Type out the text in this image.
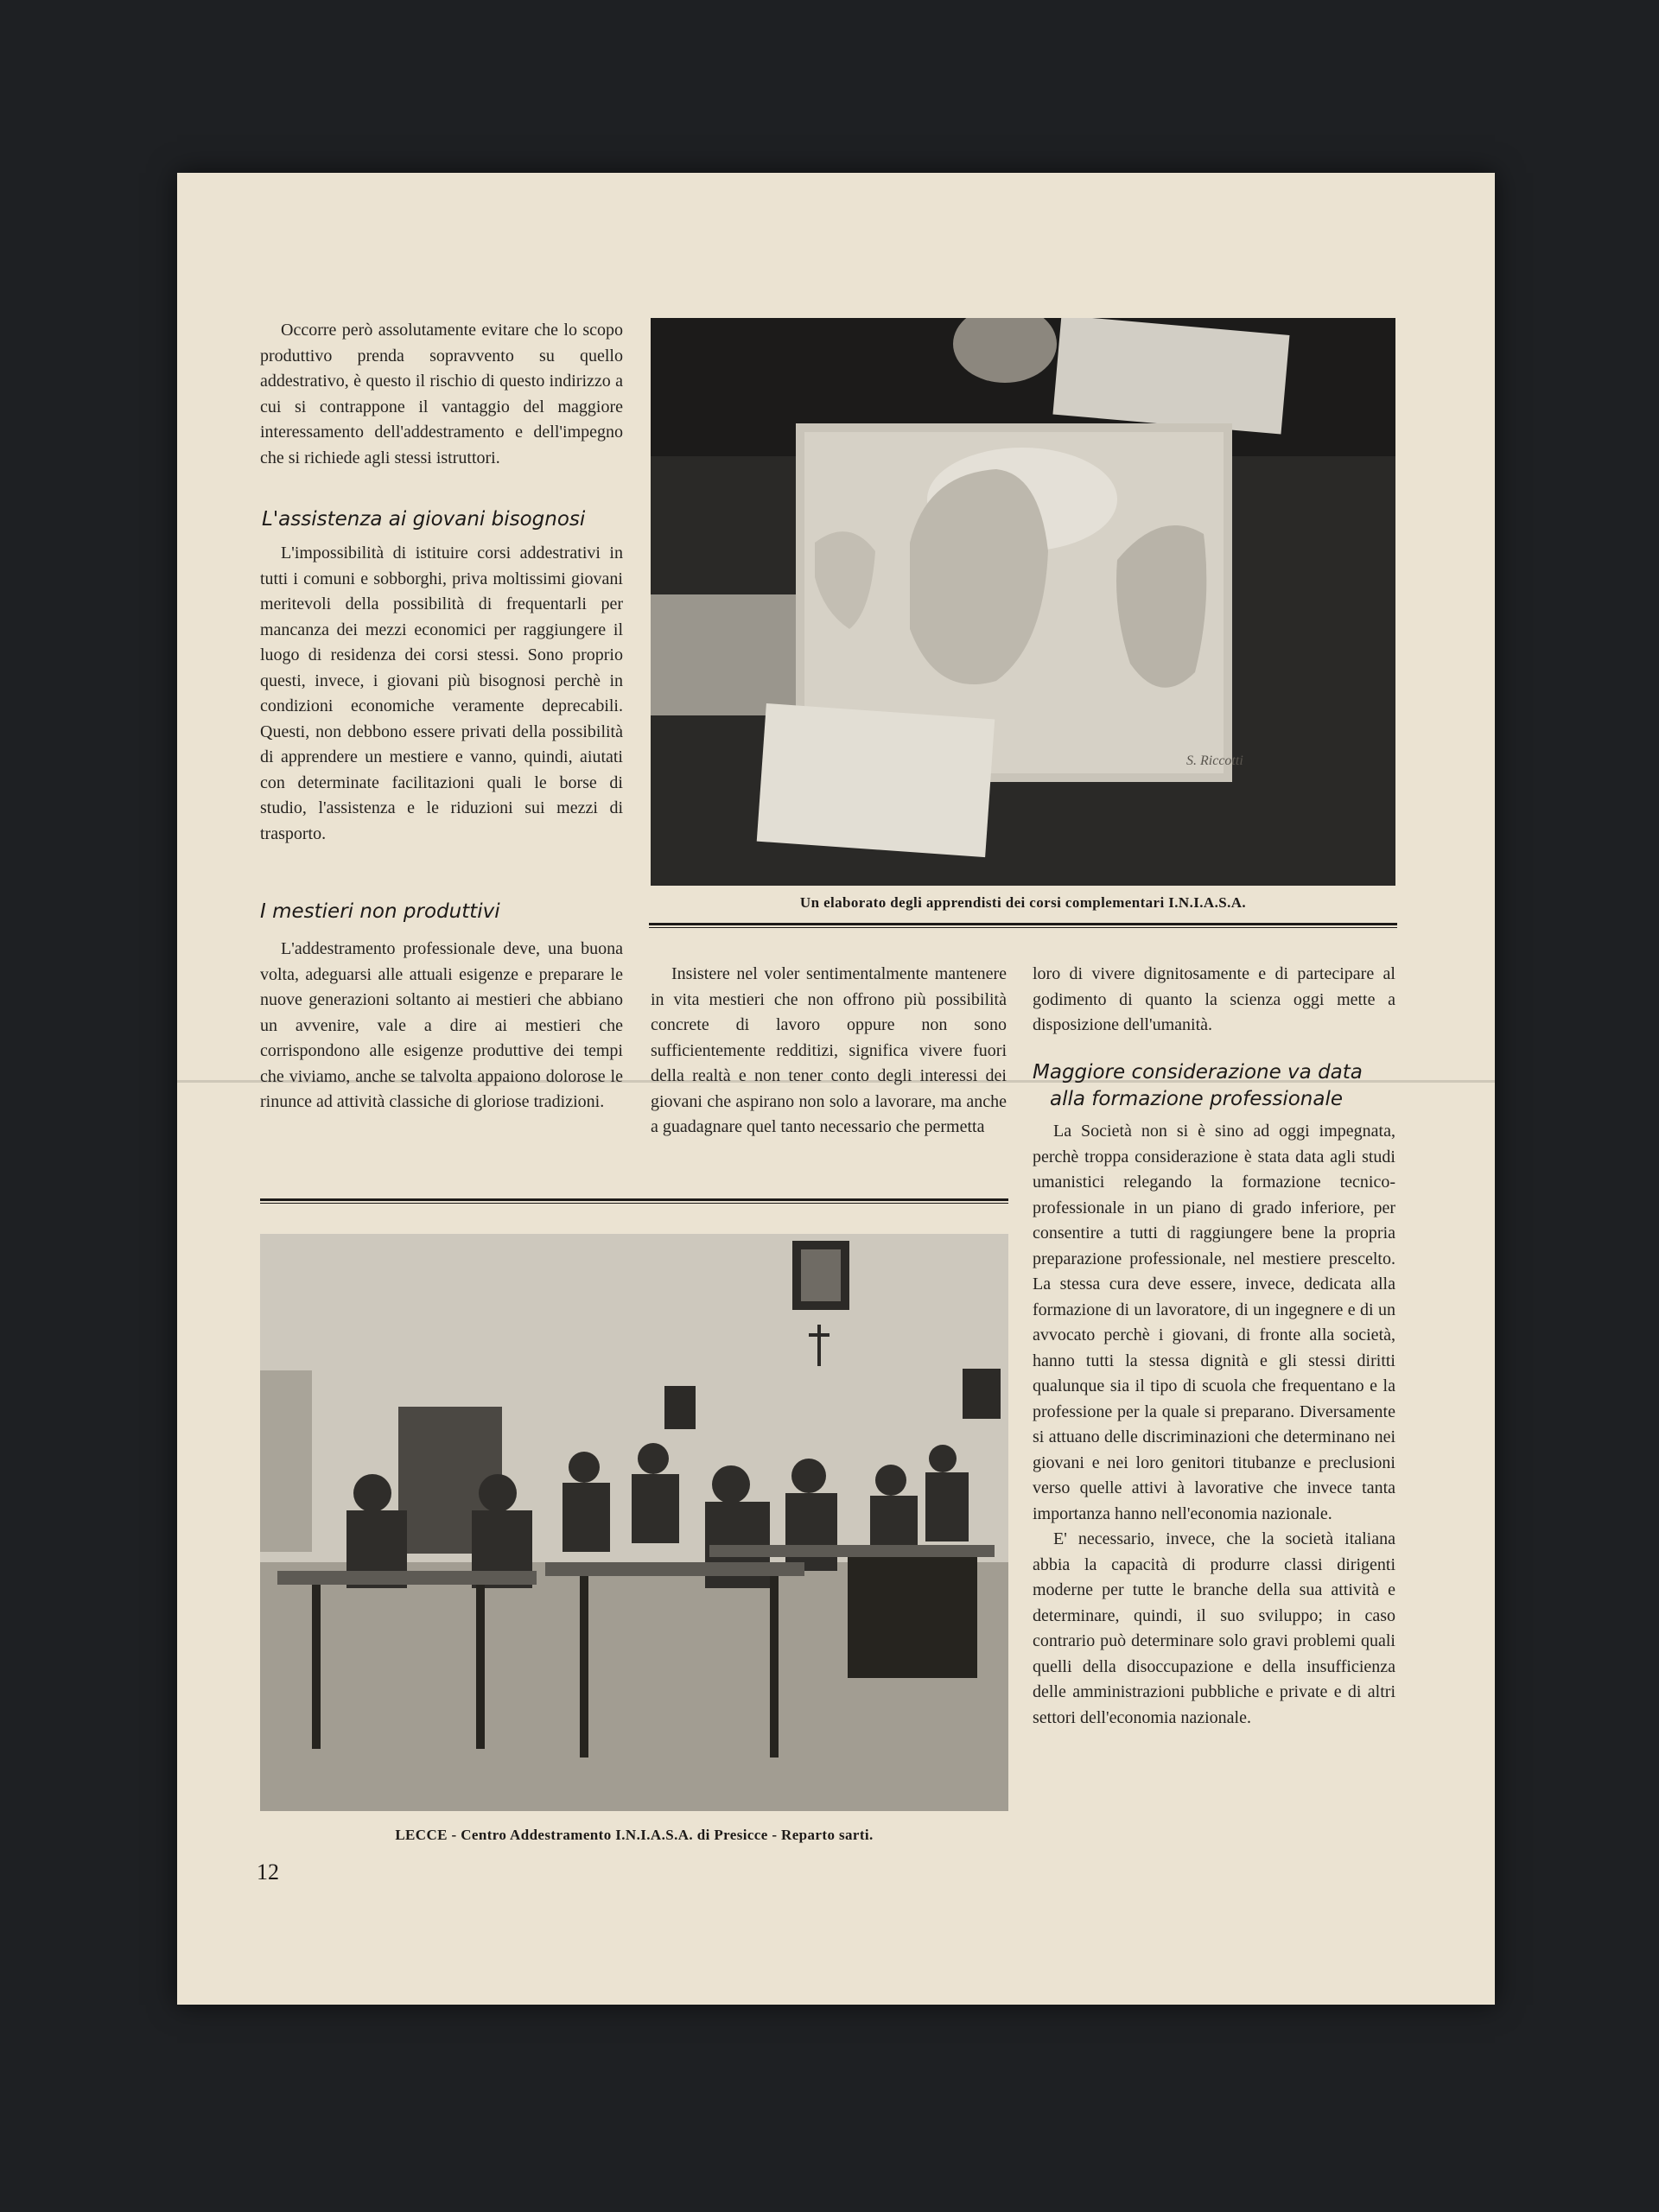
Occorre però assolutamente evitare che lo scopo produttivo prenda sopravvento su quello addestrativo, è questo il rischio di questo indirizzo a cui si contrappone il vantaggio del maggiore interessamento dell'addestramento e dell'impegno che si richiede agli stessi istruttori.

L'assistenza ai giovani bisognosi

L'impossibilità di istituire corsi addestrativi in tutti i comuni e sobborghi, priva moltissimi giovani meritevoli della possibilità di frequentarli per mancanza dei mezzi economici per raggiungere il luogo di residenza dei corsi stessi. Sono proprio questi, invece, i giovani più bisognosi perchè in condizioni economiche veramente deprecabili. Questi, non debbono essere privati della possibilità di apprendere un mestiere e vanno, quindi, aiutati con determinate facilitazioni quali le borse di studio, l'assistenza e le riduzioni sui mezzi di trasporto.

I mestieri non produttivi

L'addestramento professionale deve, una buona volta, adeguarsi alle attuali esigenze e preparare le nuove generazioni soltanto ai mestieri che abbiano un avvenire, vale a dire ai mestieri che corrispondono alle esigenze produttive dei tempi che viviamo, anche se talvolta appaiono dolorose le rinunce ad attività classiche di gloriose tradizioni.

S. Riccotti

Un elaborato degli apprendisti dei corsi complementari I.N.I.A.S.A.

Insistere nel voler sentimentalmente mantenere in vita mestieri che non offrono più possibilità concrete di lavoro oppure non sono sufficientemente redditizi, significa vivere fuori della realtà e non tener conto degli interessi dei giovani che aspirano non solo a lavorare, ma anche a guadagnare quel tanto necessario che permetta

loro di vivere dignitosamente e di partecipare al godimento di quanto la scienza oggi mette a disposizione dell'umanità.

Maggiore considerazione va data
alla formazione professionale

La Società non si è sino ad oggi impegnata, perchè troppa considerazione è stata data agli studi umanistici relegando la formazione tecnico-professionale in un piano di grado inferiore, per consentire a tutti di raggiungere bene la propria preparazione professionale, nel mestiere prescelto. La stessa cura deve essere, invece, dedicata alla formazione di un lavoratore, di un ingegnere e di un avvocato perchè i giovani, di fronte alla società, hanno tutti la stessa dignità e gli stessi diritti qualunque sia il tipo di scuola che frequentano e la professione per la quale si preparano. Diversamente si attuano delle discriminazioni che determinano nei giovani e nei loro genitori titubanze e preclusioni verso quelle attivi à lavorative che invece tanta importanza hanno nell'economia nazionale.

E' necessario, invece, che la società italiana abbia la capacità di produrre classi dirigenti moderne per tutte le branche della sua attività e determinare, quindi, il suo sviluppo; in caso contrario può determinare solo gravi problemi quali quelli della disoccupazione e della insufficienza delle amministrazioni pubbliche e private e di altri settori dell'economia nazionale.

LECCE - Centro Addestramento I.N.I.A.S.A. di Presicce - Reparto sarti.

12
